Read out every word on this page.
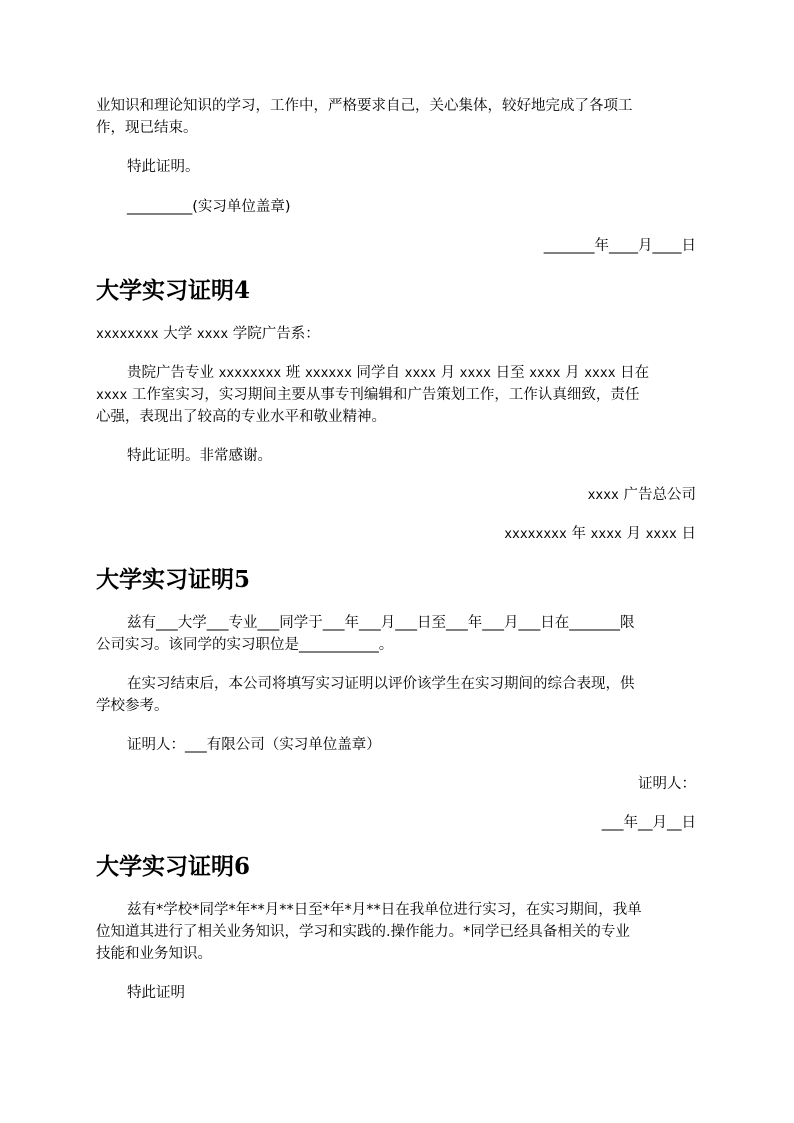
业知识和理论知识的学习，工作中，严格要求自己，关心集体，较好地完成了各项工
作，现已结束。
特此证明。
_________(实习单位盖章)
_______年____月____日
大学实习证明4
xxxxxxxx 大学 xxxx 学院广告系：
贵院广告专业 xxxxxxxx 班 xxxxxx 同学自 xxxx 月 xxxx 日至 xxxx 月 xxxx 日在
xxxx 工作室实习，实习期间主要从事专刊编辑和广告策划工作，工作认真细致，责任
心强，表现出了较高的专业水平和敬业精神。
特此证明。非常感谢。
xxxx 广告总公司
xxxxxxxx 年 xxxx 月 xxxx 日
大学实习证明5
兹有___大学___专业___同学于___年___月___日至___年___月___日在_______限
公司实习。该同学的实习职位是___________。
在实习结束后，本公司将填写实习证明以评价该学生在实习期间的综合表现，供
学校参考。
证明人：___有限公司（实习单位盖章）
证明人：
___年__月__日
大学实习证明6
兹有*学校*同学*年**月**日至*年*月**日在我单位进行实习，在实习期间，我单
位知道其进行了相关业务知识，学习和实践的.操作能力。*同学已经具备相关的专业
技能和业务知识。
特此证明
